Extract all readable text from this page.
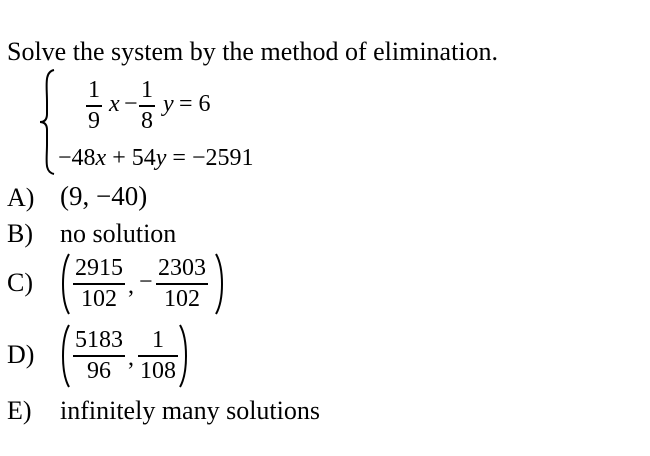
Solve the system by the method of elimination.
1
9
x −
1
8
y = 6
−48x + 54y = −2591
A) (9, −40)
B) no solution
C) 2915
102 , −
2303
102
D) 5183
96 ,
1
108
E) infinitely many solutions
